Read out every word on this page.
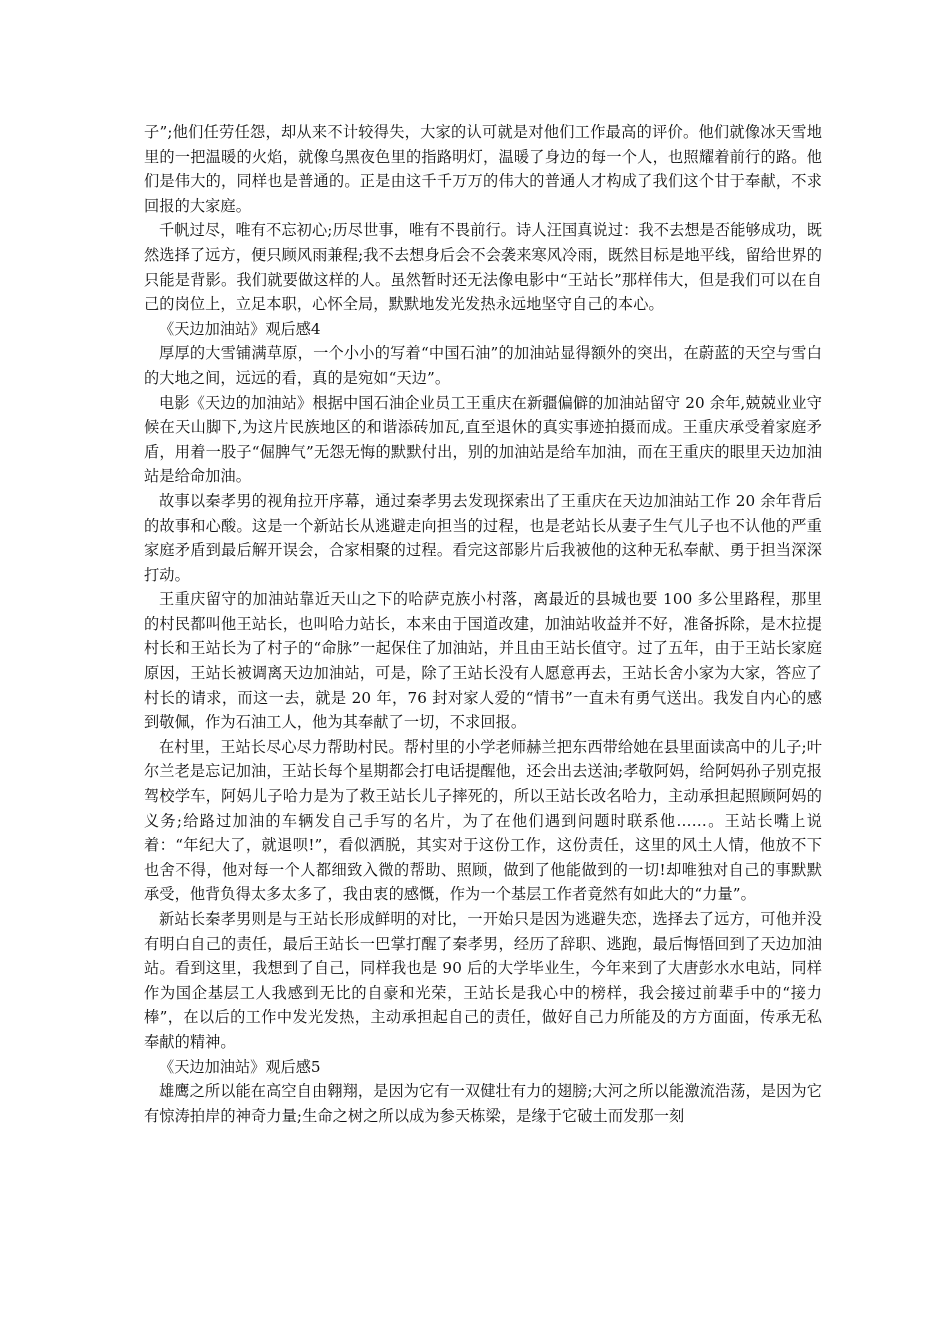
子”;他们任劳任怨，却从来不计较得失，大家的认可就是对他们工作最高的评价。他们就像冰天雪地里的一把温暖的火焰，就像乌黑夜色里的指路明灯，温暖了身边的每一个人，也照耀着前行的路。他们是伟大的，同样也是普通的。正是由这千千万万的伟大的普通人才构成了我们这个甘于奉献，不求回报的大家庭。

千帆过尽，唯有不忘初心;历尽世事，唯有不畏前行。诗人汪国真说过：我不去想是否能够成功，既然选择了远方，便只顾风雨兼程;我不去想身后会不会袭来寒风冷雨，既然目标是地平线，留给世界的只能是背影。我们就要做这样的人。虽然暂时还无法像电影中“王站长”那样伟大，但是我们可以在自己的岗位上，立足本职，心怀全局，默默地发光发热永远地坚守自己的本心。

《天边加油站》观后感4

厚厚的大雪铺满草原，一个小小的写着“中国石油”的加油站显得额外的突出，在蔚蓝的天空与雪白的大地之间，远远的看，真的是宛如“天边”。

电影《天边的加油站》根据中国石油企业员工王重庆在新疆偏僻的加油站留守 20 余年,兢兢业业守候在天山脚下,为这片民族地区的和谐添砖加瓦,直至退休的真实事迹拍摄而成。王重庆承受着家庭矛盾，用着一股子“倔脾气”无怨无悔的默默付出，别的加油站是给车加油，而在王重庆的眼里天边加油站是给命加油。

故事以秦孝男的视角拉开序幕，通过秦孝男去发现探索出了王重庆在天边加油站工作 20 余年背后的故事和心酸。这是一个新站长从逃避走向担当的过程，也是老站长从妻子生气儿子也不认他的严重家庭矛盾到最后解开误会，合家相聚的过程。看完这部影片后我被他的这种无私奉献、勇于担当深深打动。

王重庆留守的加油站靠近天山之下的哈萨克族小村落，离最近的县城也要 100 多公里路程，那里的村民都叫他王站长，也叫哈力站长，本来由于国道改建，加油站收益并不好，准备拆除，是木拉提村长和王站长为了村子的“命脉”一起保住了加油站，并且由王站长值守。过了五年，由于王站长家庭原因，王站长被调离天边加油站，可是，除了王站长没有人愿意再去，王站长舍小家为大家，答应了村长的请求，而这一去，就是 20 年，76 封对家人爱的“情书”一直未有勇气送出。我发自内心的感到敬佩，作为石油工人，他为其奉献了一切，不求回报。

在村里，王站长尽心尽力帮助村民。帮村里的小学老师赫兰把东西带给她在县里面读高中的儿子;叶尔兰老是忘记加油，王站长每个星期都会打电话提醒他，还会出去送油;孝敬阿妈，给阿妈孙子别克报驾校学车，阿妈儿子哈力是为了救王站长儿子摔死的，所以王站长改名哈力，主动承担起照顾阿妈的义务;给路过加油的车辆发自己手写的名片，为了在他们遇到问题时联系他……。王站长嘴上说着：“年纪大了，就退呗!”，看似洒脱，其实对于这份工作，这份责任，这里的风土人情，他放不下也舍不得，他对每一个人都细致入微的帮助、照顾，做到了他能做到的一切!却唯独对自己的事默默承受，他背负得太多太多了，我由衷的感慨，作为一个基层工作者竟然有如此大的“力量”。

新站长秦孝男则是与王站长形成鲜明的对比，一开始只是因为逃避失恋，选择去了远方，可他并没有明白自己的责任，最后王站长一巴掌打醒了秦孝男，经历了辞职、逃跑，最后悔悟回到了天边加油站。看到这里，我想到了自己，同样我也是 90 后的大学毕业生，今年来到了大唐彭水水电站，同样作为国企基层工人我感到无比的自豪和光荣，王站长是我心中的榜样，我会接过前辈手中的“接力棒”，在以后的工作中发光发热，主动承担起自己的责任，做好自己力所能及的方方面面，传承无私奉献的精神。

《天边加油站》观后感5

雄鹰之所以能在高空自由翱翔，是因为它有一双健壮有力的翅膀;大河之所以能激流浩荡，是因为它有惊涛拍岸的神奇力量;生命之树之所以成为参天栋梁，是缘于它破土而发那一刻
